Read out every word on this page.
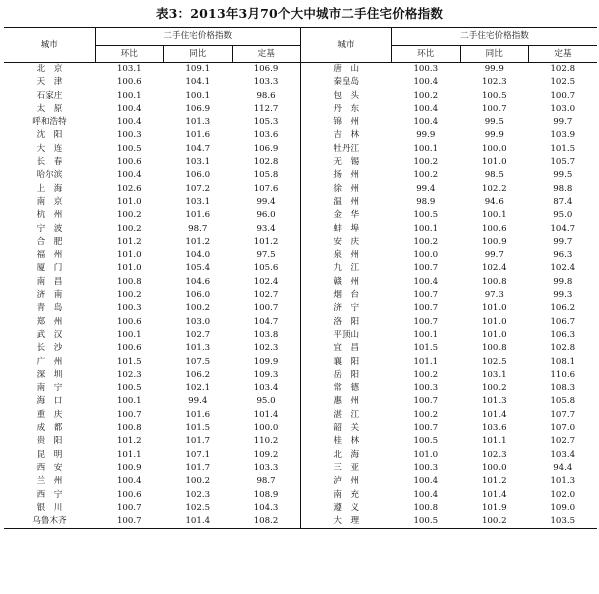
表3：2013年3月70个大中城市二手住宅价格指数
城市	二手住宅价格指数			城市	二手住宅价格指数		
	环比	同比	定基		环比	同比	定基
北　京	103.1	109.1	106.9	唐　山	100.3	99.9	102.8
天　津	100.6	104.1	103.3	秦皇岛	100.4	102.3	102.5
石家庄	100.1	100.1	98.6	包　头	100.2	100.5	100.7
太　原	100.4	106.9	112.7	丹　东	100.4	100.7	103.0
呼和浩特	100.4	101.3	105.3	锦　州	100.4	99.5	99.7
沈　阳	100.3	101.6	103.6	吉　林	99.9	99.9	103.9
大　连	100.5	104.7	106.9	牡丹江	100.1	100.0	101.5
长　春	100.6	103.1	102.8	无　锡	100.2	101.0	105.7
哈尔滨	100.4	106.0	105.8	扬　州	100.2	98.5	99.5
上　海	102.6	107.2	107.6	徐　州	99.4	102.2	98.8
南　京	101.0	103.1	99.4	温　州	98.9	94.6	87.4
杭　州	100.2	101.6	96.0	金　华	100.5	100.1	95.0
宁　波	100.2	98.7	93.4	蚌　埠	100.1	100.6	104.7
合　肥	101.2	101.2	101.2	安　庆	100.2	100.9	99.7
福　州	101.0	104.0	97.5	泉　州	100.0	99.7	96.3
厦　门	101.0	105.4	105.6	九　江	100.7	102.4	102.4
南　昌	100.8	104.6	102.4	赣　州	100.4	100.8	99.8
济　南	100.2	106.0	102.7	烟　台	100.7	97.3	99.3
青　岛	100.3	100.2	100.7	济　宁	100.7	101.0	106.2
郑　州	100.6	103.0	104.7	洛　阳	100.7	101.0	106.7
武　汉	100.1	102.7	103.8	平顶山	100.1	101.0	106.3
长　沙	100.6	101.3	102.3	宜　昌	101.5	100.8	102.8
广　州	101.5	107.5	109.9	襄　阳	101.1	102.5	108.1
深　圳	102.3	106.2	109.3	岳　阳	100.2	103.1	110.6
南　宁	100.5	102.1	103.4	常　德	100.3	100.2	108.3
海　口	100.1	99.4	95.0	惠　州	100.7	101.3	105.8
重　庆	100.7	101.6	101.4	湛　江	100.2	101.4	107.7
成　都	100.8	101.5	100.0	韶　关	100.7	103.6	107.0
贵　阳	101.2	101.7	110.2	桂　林	100.5	101.1	102.7
昆　明	101.1	107.1	109.2	北　海	101.0	102.3	103.4
西　安	100.9	101.7	103.3	三　亚	100.3	100.0	94.4
兰　州	100.4	100.2	98.7	泸　州	100.4	101.2	101.3
西　宁	100.6	102.3	108.9	南　充	100.4	101.4	102.0
银　川	100.7	102.5	104.3	遵　义	100.8	101.9	109.0
乌鲁木齐	100.7	101.4	108.2	大　理	100.5	100.2	103.5
